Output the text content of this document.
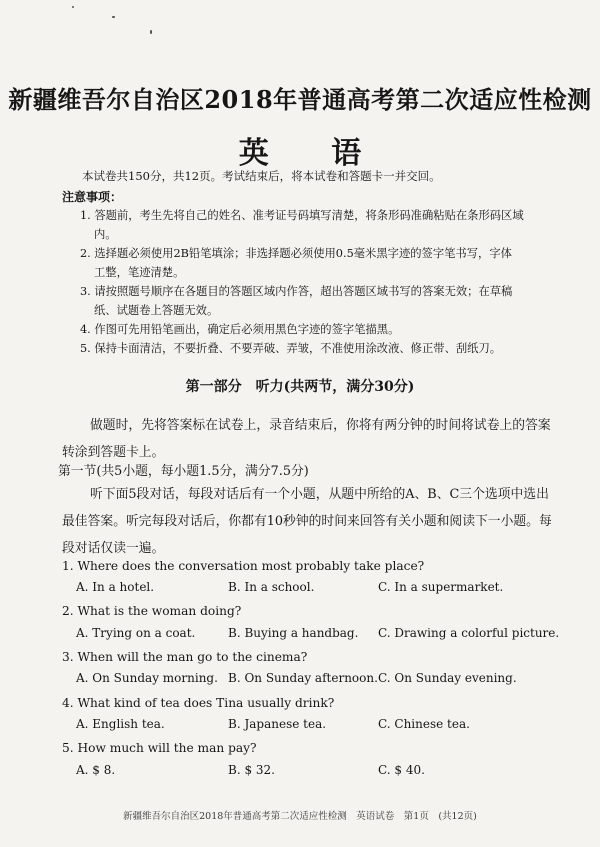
新疆维吾尔自治区2018年普通高考第二次适应性检测
英 语
本试卷共150分，共12页。考试结束后，将本试卷和答题卡一并交回。
注意事项：
1. 答题前，考生先将自己的姓名、准考证号码填写清楚，将条形码准确粘贴在条形码区域
内。
2. 选择题必须使用2B铅笔填涂；非选择题必须使用0.5毫米黑字迹的签字笔书写，字体
工整，笔迹清楚。
3. 请按照题号顺序在各题目的答题区域内作答，超出答题区域书写的答案无效；在草稿
纸、试题卷上答题无效。
4. 作图可先用铅笔画出，确定后必须用黑色字迹的签字笔描黑。
5. 保持卡面清洁，不要折叠、不要弄破、弄皱，不准使用涂改液、修正带、刮纸刀。
第一部分　听力(共两节，满分30分)
做题时，先将答案标在试卷上，录音结束后，你将有两分钟的时间将试卷上的答案转涂到答题卡上。
第一节(共5小题，每小题1.5分，满分7.5分)
听下面5段对话，每段对话后有一个小题，从题中所给的A、B、C三个选项中选出最佳答案。听完每段对话后，你都有10秒钟的时间来回答有关小题和阅读下一小题。每段对话仅读一遍。
1. Where does the conversation most probably take place?
A. In a hotel.	B. In a school.	C. In a supermarket.
2. What is the woman doing?
A. Trying on a coat.	B. Buying a handbag. C. Drawing a colorful picture.
3. When will the man go to the cinema?
A. On Sunday morning. B. On Sunday afternoon. C. On Sunday evening.
4. What kind of tea does Tina usually drink?
A. English tea.	B. Japanese tea.	C. Chinese tea.
5. How much will the man pay?
A. $ 8.	B. $ 32.	C. $ 40.
新疆维吾尔自治区2018年普通高考第二次适应性检测　英语试卷　第1页　(共12页)
